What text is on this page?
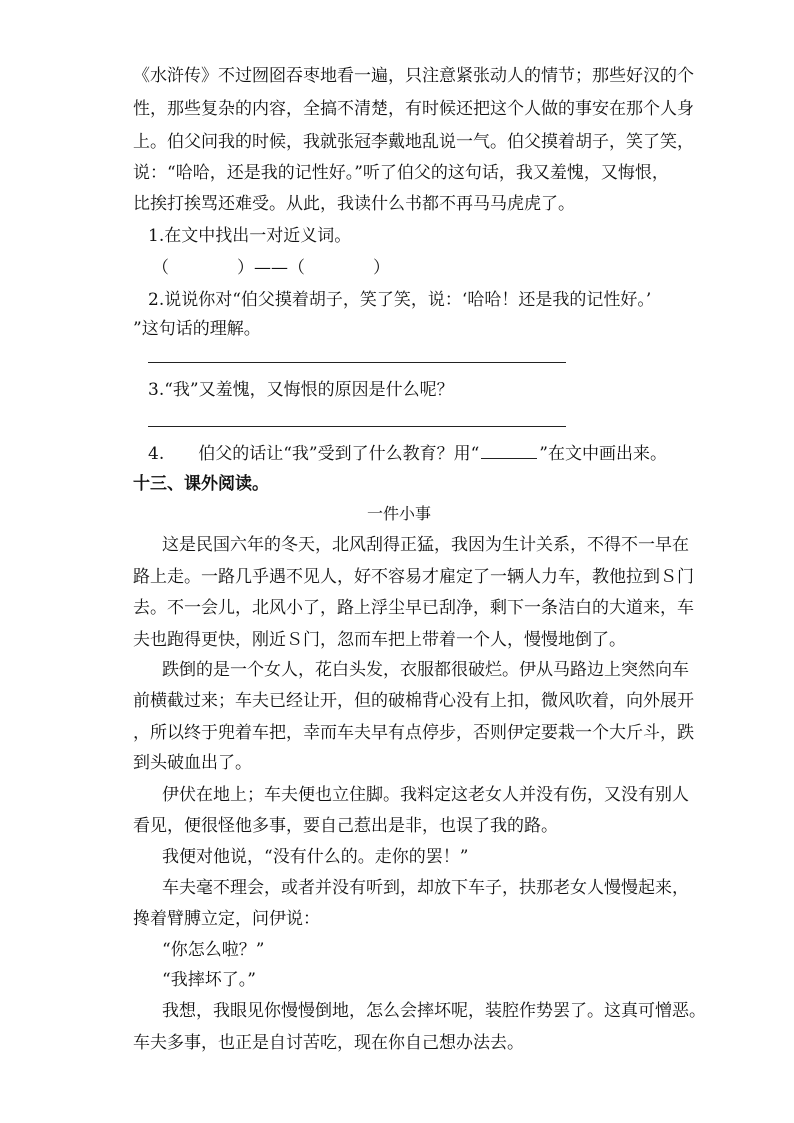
《水浒传》不过囫囵吞枣地看一遍，只注意紧张动人的情节；那些好汉的个
性，那些复杂的内容，全搞不清楚，有时候还把这个人做的事安在那个人身
上。伯父问我的时候，我就张冠李戴地乱说一气。伯父摸着胡子，笑了笑，
说：“哈哈，还是我的记性好。”听了伯父的这句话，我又羞愧，又悔恨，
比挨打挨骂还难受。从此，我读什么书都不再马马虎虎了。
1.在文中找出一对近义词。
（　　　　）——（　　　　）
2.说说你对“伯父摸着胡子，笑了笑，说：‘哈哈！还是我的记性好。’
”这句话的理解。
3.“我”又羞愧，又悔恨的原因是什么呢？
4.　　伯父的话让“我”受到了什么教育？用“	”在文中画出来。
十三、课外阅读。
一件小事
这是民国六年的冬天，北风刮得正猛，我因为生计关系，不得不一早在
路上走。一路几乎遇不见人，好不容易才雇定了一辆人力车，教他拉到Ｓ门
去。不一会儿，北风小了，路上浮尘早已刮净，剩下一条洁白的大道来，车
夫也跑得更快，刚近Ｓ门，忽而车把上带着一个人，慢慢地倒了。
跌倒的是一个女人，花白头发，衣服都很破烂。伊从马路边上突然向车
前横截过来；车夫已经让开，但的破棉背心没有上扣，微风吹着，向外展开
，所以终于兜着车把，幸而车夫早有点停步，否则伊定要栽一个大斤斗，跌
到头破血出了。
伊伏在地上；车夫便也立住脚。我料定这老女人并没有伤，又没有别人
看见，便很怪他多事，要自己惹出是非，也误了我的路。
我便对他说，“没有什么的。走你的罢！”
车夫毫不理会，或者并没有听到，却放下车子，扶那老女人慢慢起来，
搀着臂膊立定，问伊说：
“你怎么啦？”
“我摔坏了。”
我想，我眼见你慢慢倒地，怎么会摔坏呢，装腔作势罢了。这真可憎恶。
车夫多事，也正是自讨苦吃，现在你自己想办法去。
